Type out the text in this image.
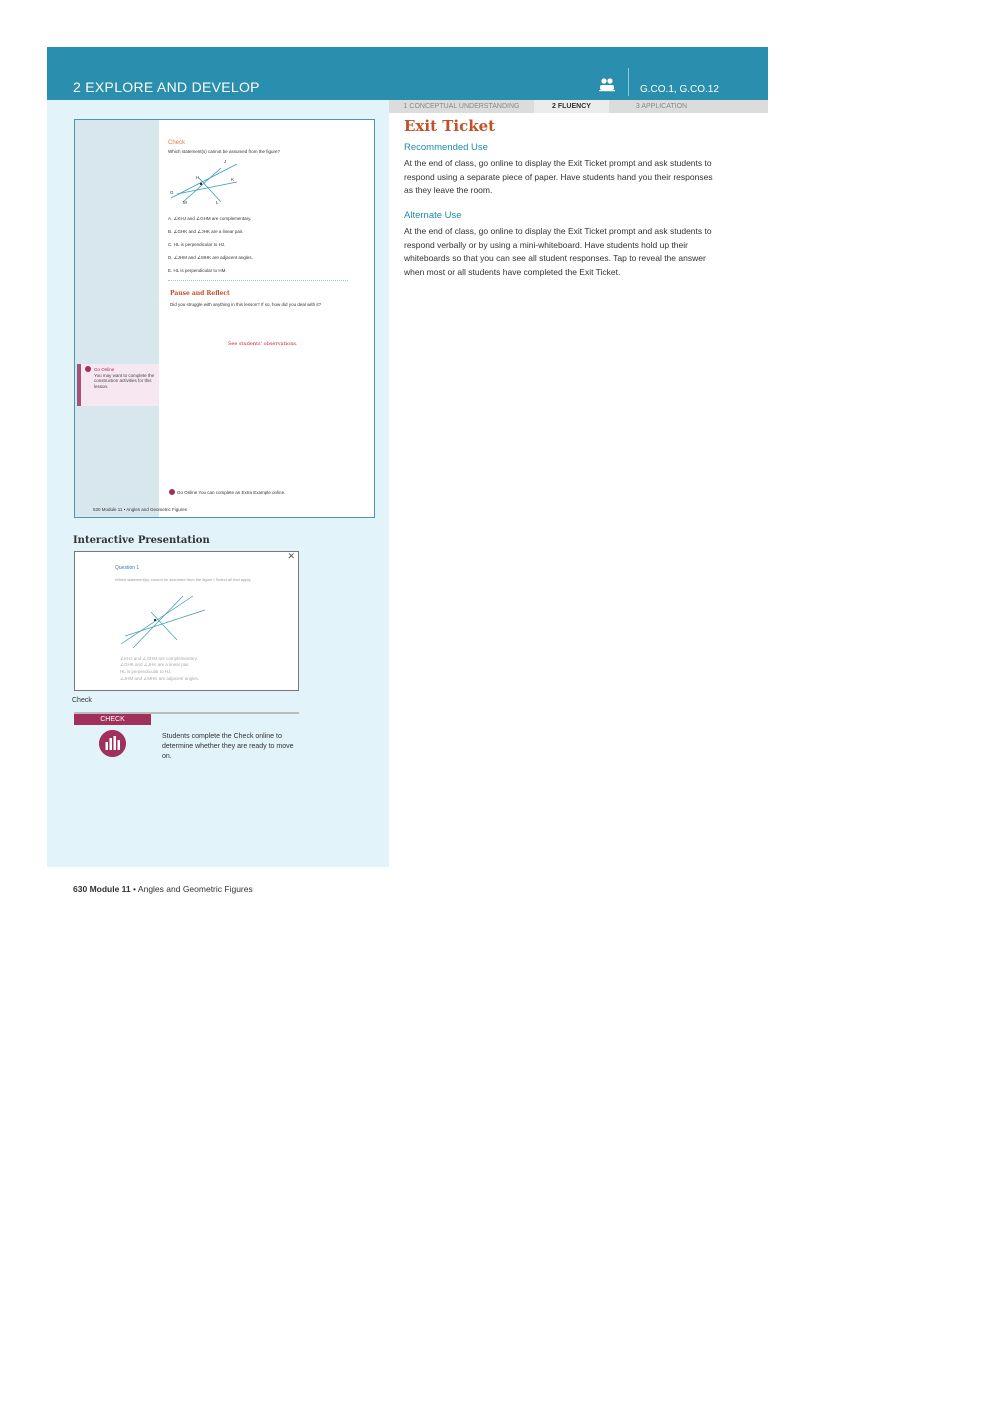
2 EXPLORE AND DEVELOP	G.CO.1, G.CO.12
1 CONCEPTUAL UNDERSTANDING	2 FLUENCY	3 APPLICATION
Check
Which statement(s) cannot be assumed from the figure?
J
K
H
G
M	L
A. ∠KHJ and ∠GHM are complementary.
B. ∠GHK and ∠JHK are a linear pair.
C. HL is perpendicular to HJ.
D. ∠JHM and ∠MHK are adjacent angles.
E. HL is perpendicular to HM.
Pause and Reflect
Did you struggle with anything in this lesson? If so, how did you deal with it?
See students' observations.
Go Online
You may want to complete the construction activities for this lesson.
Go Online You can complete an Extra Example online.
630 Module 11 • Angles and Geometric Figures
Exit Ticket
Recommended Use
At the end of class, go online to display the Exit Ticket prompt and ask students to respond using a separate piece of paper. Have students hand you their responses as they leave the room.
Alternate Use
At the end of class, go online to display the Exit Ticket prompt and ask students to respond verbally or by using a mini-whiteboard. Have students hold up their whiteboards so that you can see all student responses. Tap to reveal the answer when most or all students have completed the Exit Ticket.
Interactive Presentation
✕
Question 1
Which statement(s) cannot be assumed from the figure? Select all that apply.
∠KHJ and ∠GHM are complementary.
∠GHK and ∠JHK are a linear pair.
HL is perpendicular to HJ.
∠JHM and ∠MHK are adjacent angles.
Check
CHECK
Students complete the Check online to determine whether they are ready to move on.
630 Module 11 • Angles and Geometric Figures
